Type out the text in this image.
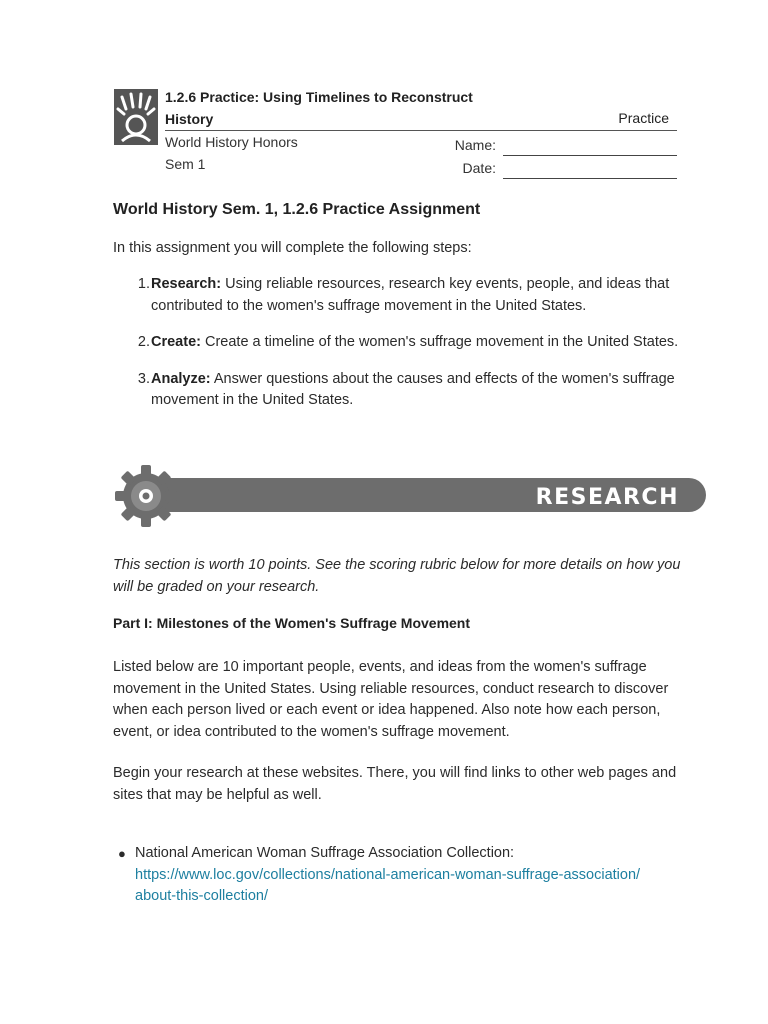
1.2.6 Practice: Using Timelines to Reconstruct History	Practice
World History Honors
Sem 1
Name:
Date:
World History Sem. 1, 1.2.6 Practice Assignment
In this assignment you will complete the following steps:
1. Research: Using reliable resources, research key events, people, and ideas that contributed to the women's suffrage movement in the United States.
2. Create: Create a timeline of the women's suffrage movement in the United States.
3. Analyze: Answer questions about the causes and effects of the women's suffrage movement in the United States.
RESEARCH
This section is worth 10 points. See the scoring rubric below for more details on how you will be graded on your research.
Part I: Milestones of the Women's Suffrage Movement
Listed below are 10 important people, events, and ideas from the women's suffrage movement in the United States. Using reliable resources, conduct research to discover when each person lived or each event or idea happened. Also note how each person, event, or idea contributed to the women's suffrage movement.
Begin your research at these websites. There, you will find links to other web pages and sites that may be helpful as well.
● National American Woman Suffrage Association Collection:
https://www.loc.gov/collections/national-american-woman-suffrage-association/
about-this-collection/
